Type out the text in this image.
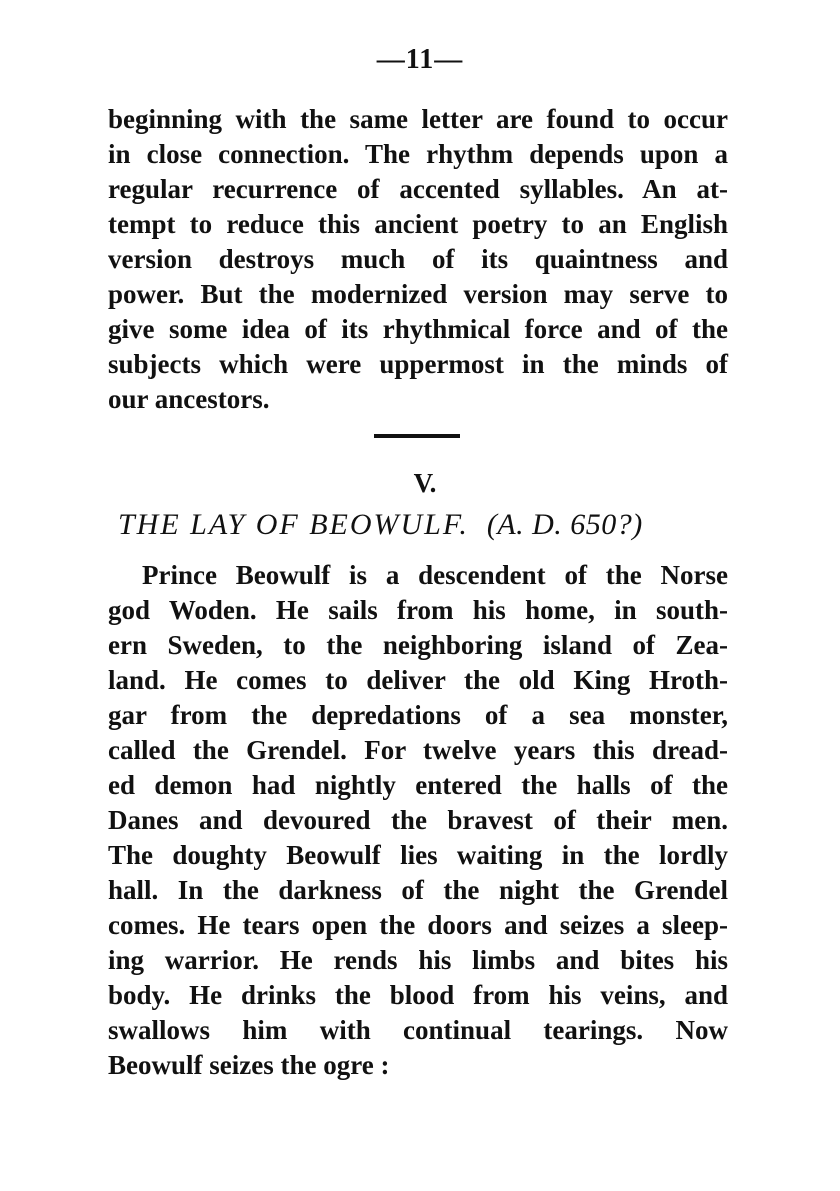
—11—
beginning with the same letter are found to occur
in close connection. The rhythm depends upon a
regular recurrence of accented syllables. An at-
tempt to reduce this ancient poetry to an English
version destroys much of its quaintness and
power. But the modernized version may serve to
give some idea of its rhythmical force and of the
subjects which were uppermost in the minds of
our ancestors.
V.
THE LAY OF BEOWULF. (A. D. 650?)
Prince Beowulf is a descendent of the Norse
god Woden. He sails from his home, in south-
ern Sweden, to the neighboring island of Zea-
land. He comes to deliver the old King Hroth-
gar from the depredations of a sea monster,
called the Grendel. For twelve years this dread-
ed demon had nightly entered the halls of the
Danes and devoured the bravest of their men.
The doughty Beowulf lies waiting in the lordly
hall. In the darkness of the night the Grendel
comes. He tears open the doors and seizes a sleep-
ing warrior. He rends his limbs and bites his
body. He drinks the blood from his veins, and
swallows him with continual tearings. Now
Beowulf seizes the ogre :
